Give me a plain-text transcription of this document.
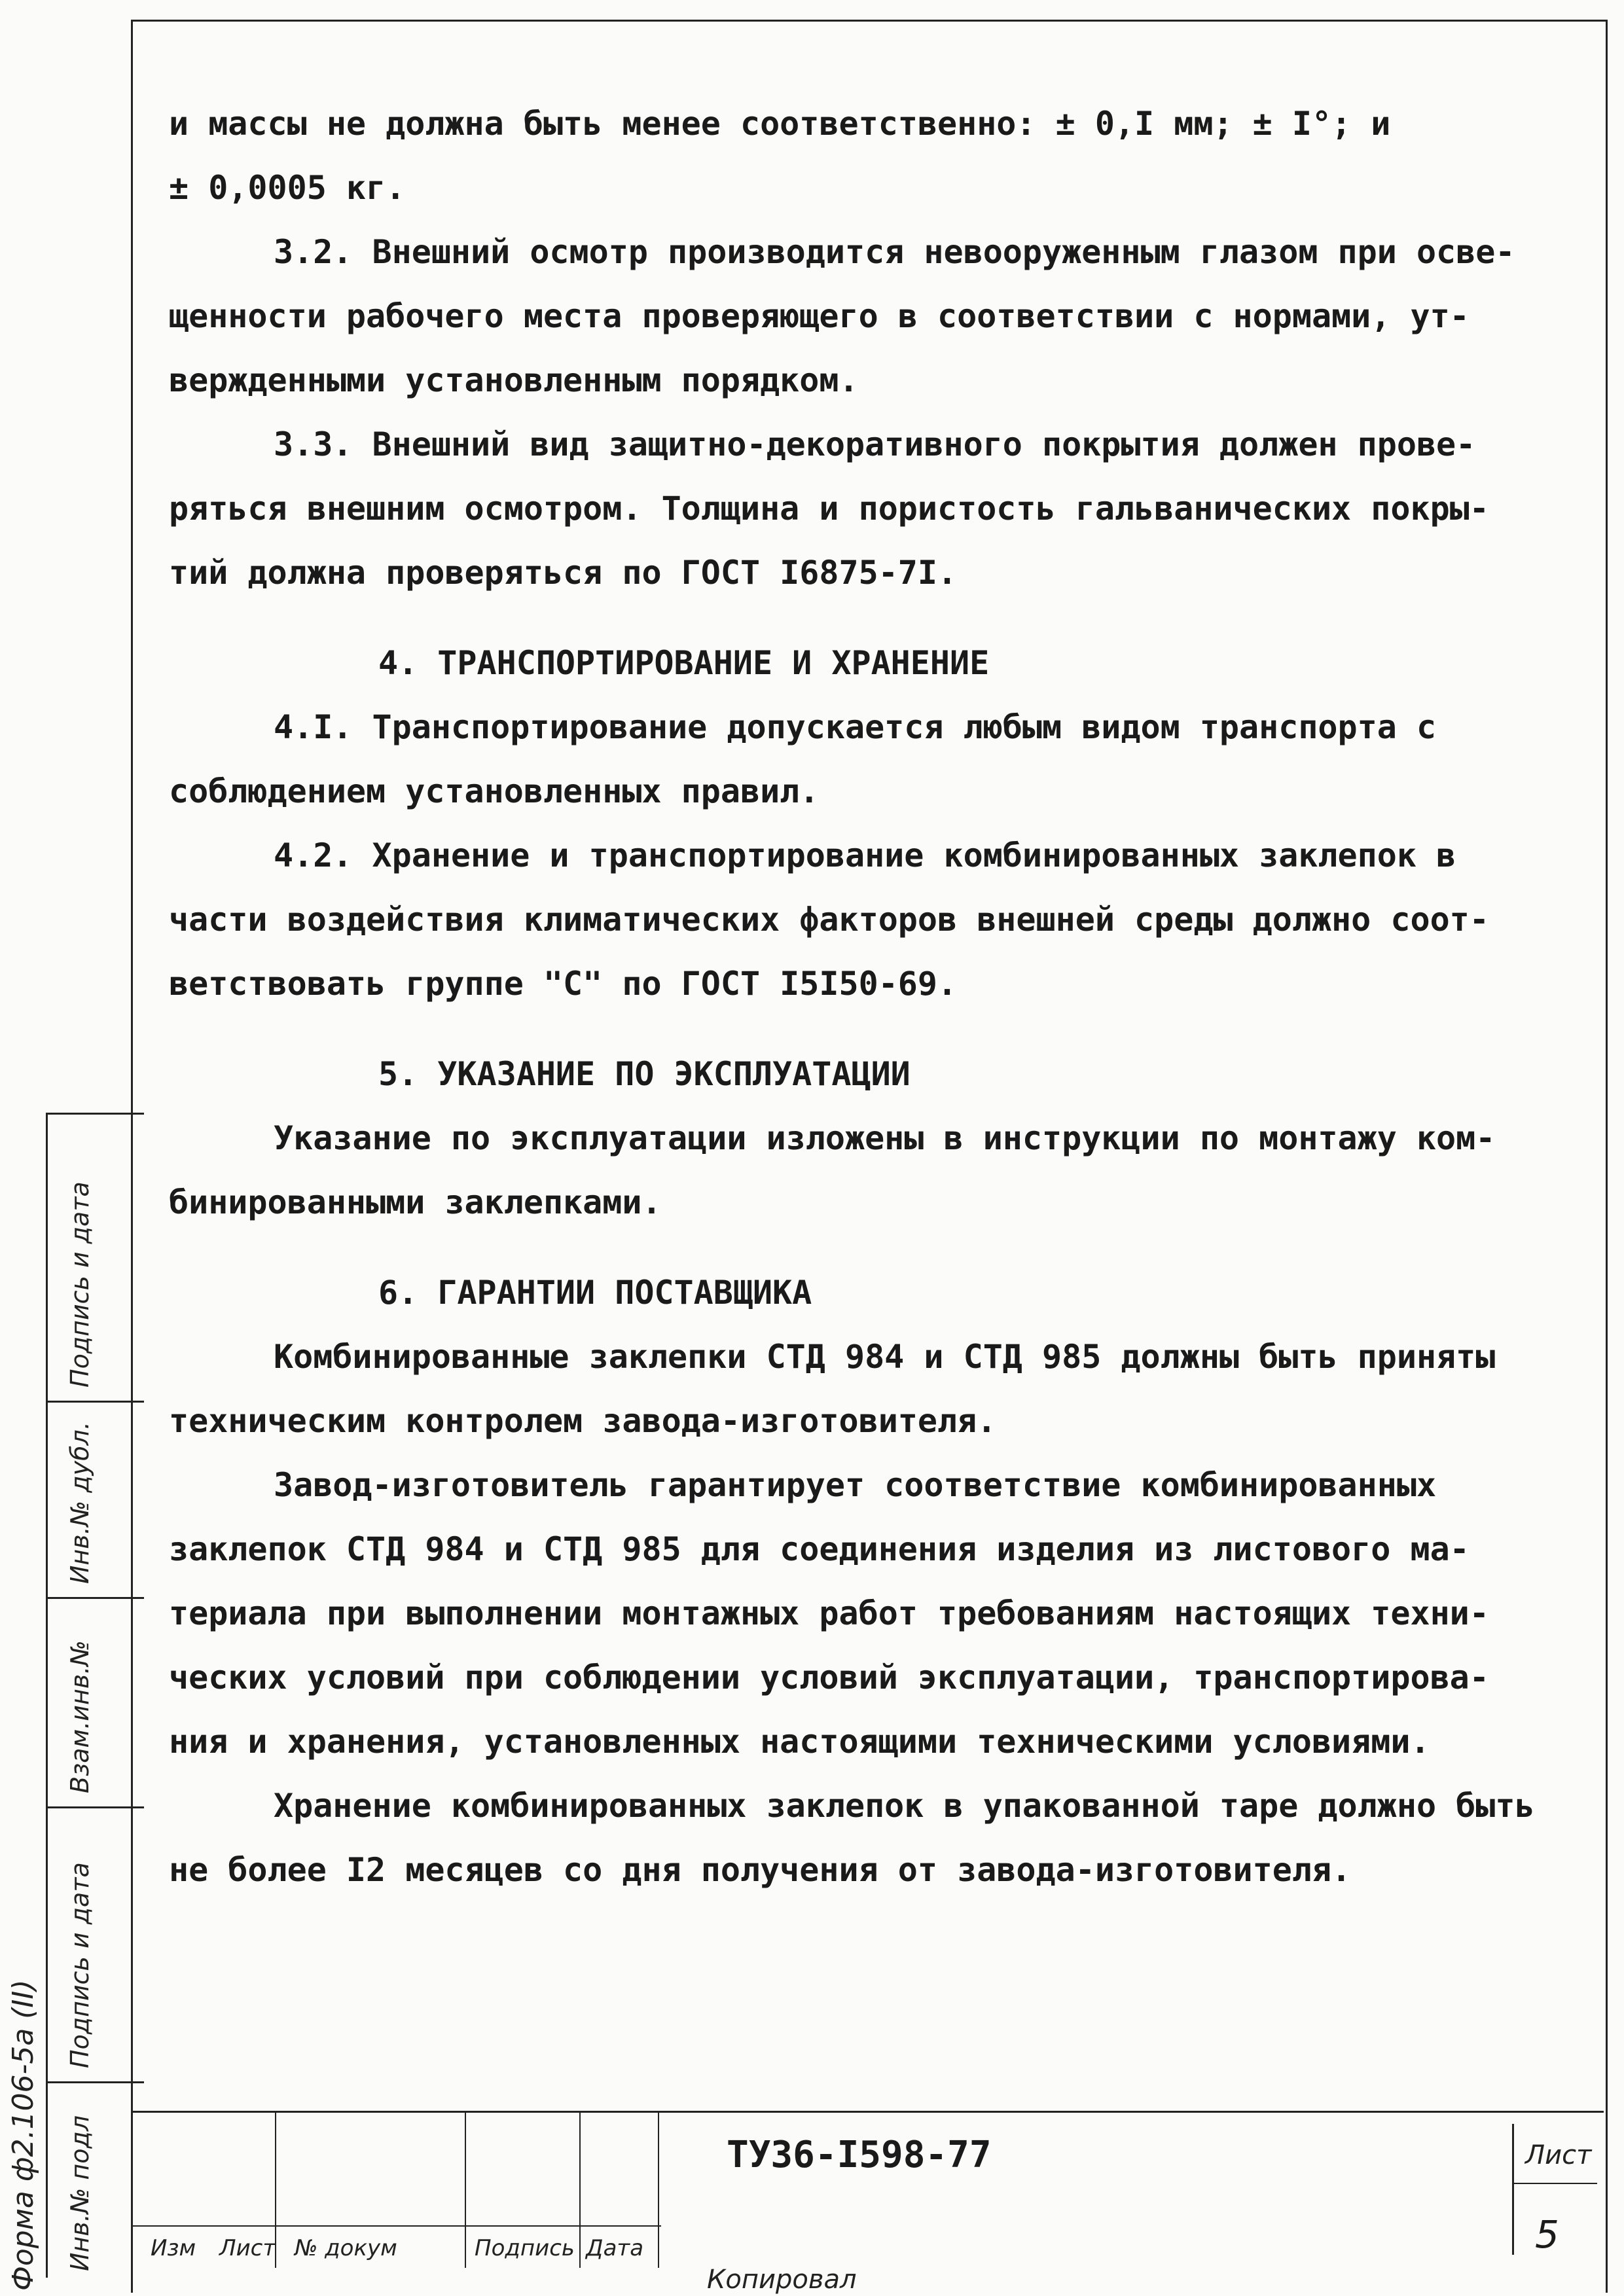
и массы не должна быть менее соответственно: ± 0,I мм; ± I°; и

± 0,0005 кг.

3.2. Внешний осмотр производится невооруженным глазом при осве-

щенности рабочего места проверяющего в соответствии с нормами, ут-

вержденными установленным порядком.

3.3. Внешний вид защитно-декоративного покрытия должен прове-

ряться внешним осмотром. Толщина и пористость гальванических покры-

тий должна проверяться по ГОСТ I6875-7I.

4. ТРАНСПОРТИРОВАНИЕ И ХРАНЕНИЕ

4.I. Транспортирование допускается любым видом транспорта с

соблюдением установленных правил.

4.2. Хранение и транспортирование комбинированных заклепок в

части воздействия климатических факторов внешней среды должно соот-

ветствовать группе "С" по ГОСТ I5I50-69.

5. УКАЗАНИЕ ПО ЭКСПЛУАТАЦИИ

Указание по эксплуатации изложены в инструкции по монтажу ком-

бинированными заклепками.

6. ГАРАНТИИ ПОСТАВЩИКА

Комбинированные заклепки СТД 984 и СТД 985 должны быть приняты

техническим контролем завода-изготовителя.

Завод-изготовитель гарантирует соответствие комбинированных

заклепок СТД 984 и СТД 985 для соединения изделия из листового ма-

териала при выполнении монтажных работ требованиям настоящих техни-

ческих условий при соблюдении условий эксплуатации, транспортирова-

ния и хранения, установленных настоящими техническими условиями.

Хранение комбинированных заклепок в упакованной таре должно быть

не более I2 месяцев со дня получения от завода-изготовителя.

Форма ф2.106-5а (II) Инв.№ подл
Подпись и дата
Взам.инв.№
Инв.№ дубл.
Подпись и дата
ТУ36-I598-77
Изм Лист № докум	Подпись Дата
Лист
5
Копировал
